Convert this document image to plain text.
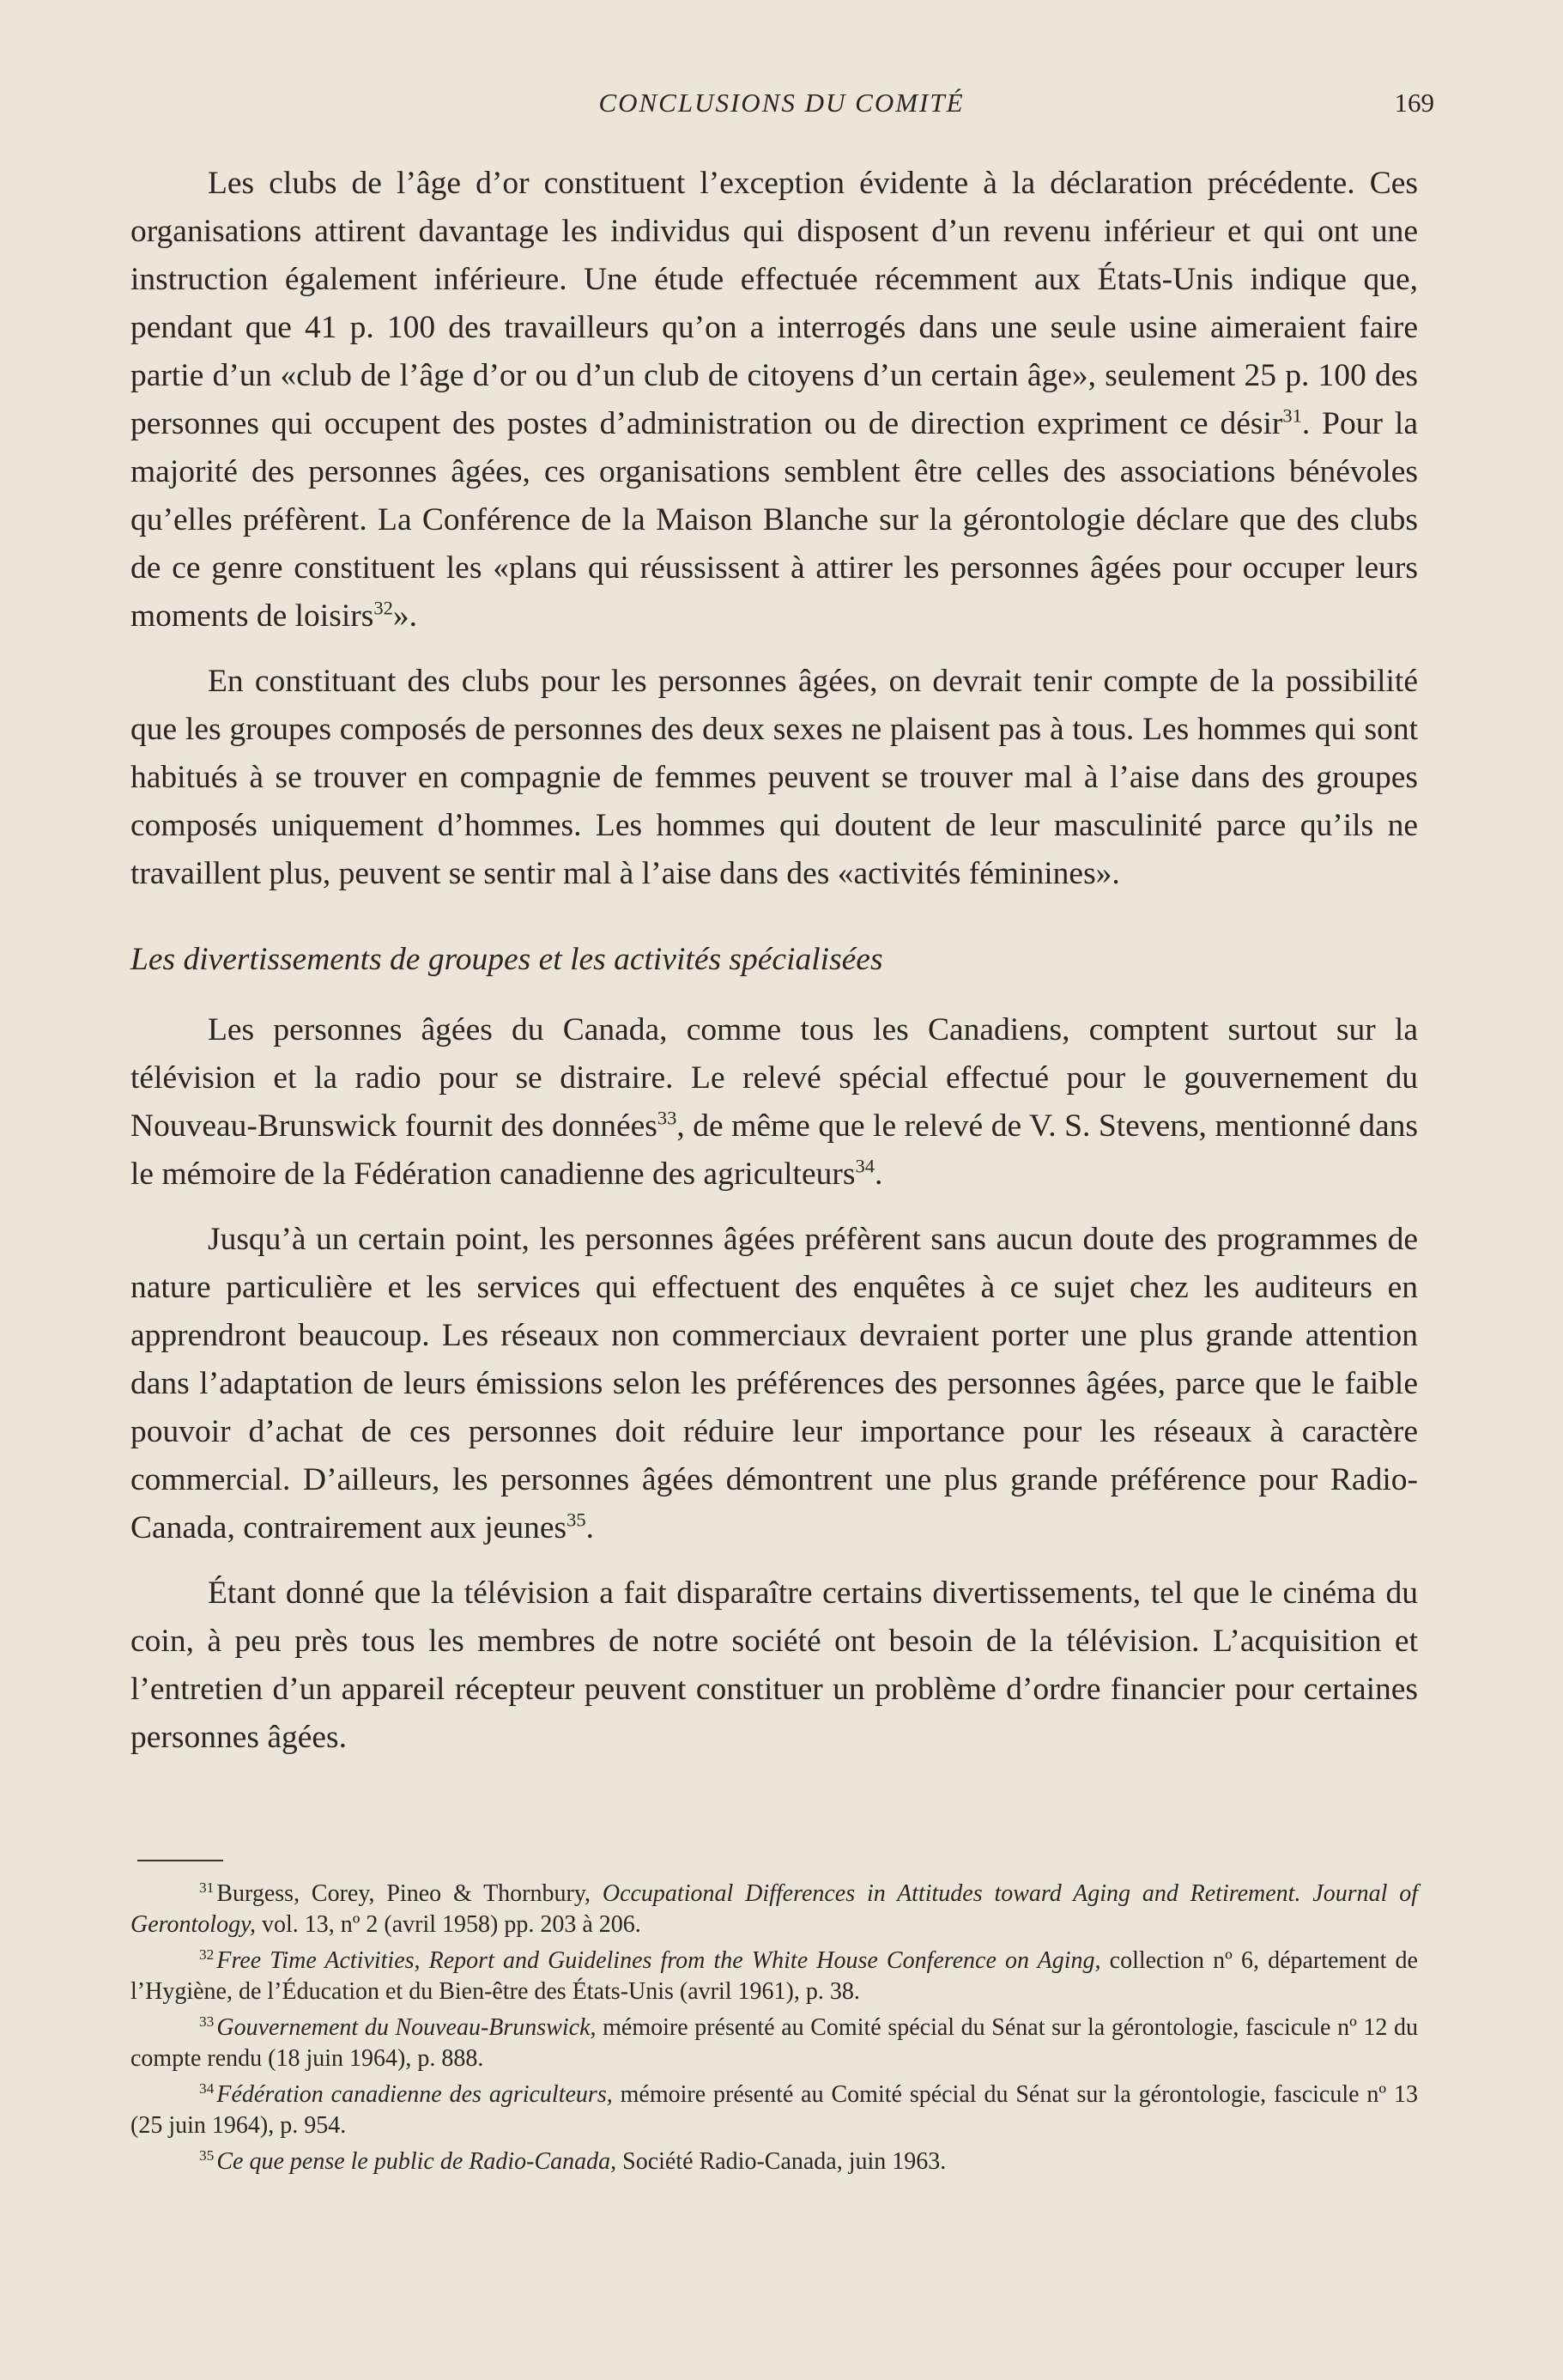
CONCLUSIONS DU COMITÉ	169

Les clubs de l’âge d’or constituent l’exception évidente à la déclaration précédente. Ces organisations attirent davantage les individus qui disposent d’un revenu inférieur et qui ont une instruction également inférieure. Une étude effectuée récemment aux États-Unis indique que, pendant que 41 p. 100 des travailleurs qu’on a interrogés dans une seule usine aimeraient faire partie d’un «club de l’âge d’or ou d’un club de citoyens d’un certain âge», seulement 25 p. 100 des personnes qui occupent des postes d’administration ou de direction expriment ce désir$^{31}$. Pour la majorité des personnes âgées, ces organisations semblent être celles des associations bénévoles qu’elles préfèrent. La Conférence de la Maison Blanche sur la gérontologie déclare que des clubs de ce genre constituent les «plans qui réussissent à attirer les personnes âgées pour occuper leurs moments de loisirs$^{32}$».

En constituant des clubs pour les personnes âgées, on devrait tenir compte de la possibilité que les groupes composés de personnes des deux sexes ne plaisent pas à tous. Les hommes qui sont habitués à se trouver en compagnie de femmes peuvent se trouver mal à l’aise dans des groupes composés uniquement d’hommes. Les hommes qui doutent de leur masculinité parce qu’ils ne travaillent plus, peuvent se sentir mal à l’aise dans des «activités féminines».

Les divertissements de groupes et les activités spécialisées

Les personnes âgées du Canada, comme tous les Canadiens, comptent surtout sur la télévision et la radio pour se distraire. Le relevé spécial effectué pour le gouvernement du Nouveau-Brunswick fournit des données$^{33}$, de même que le relevé de V. S. Stevens, mentionné dans le mémoire de la Fédération canadienne des agriculteurs$^{34}$.

Jusqu’à un certain point, les personnes âgées préfèrent sans aucun doute des programmes de nature particulière et les services qui effectuent des enquêtes à ce sujet chez les auditeurs en apprendront beaucoup. Les réseaux non commerciaux devraient porter une plus grande attention dans l’adaptation de leurs émissions selon les préférences des personnes âgées, parce que le faible pouvoir d’achat de ces personnes doit réduire leur importance pour les réseaux à caractère commercial. D’ailleurs, les personnes âgées démontrent une plus grande préférence pour Radio-Canada, contrairement aux jeunes$^{35}$.

Étant donné que la télévision a fait disparaître certains divertissements, tel que le cinéma du coin, à peu près tous les membres de notre société ont besoin de la télévision. L’acquisition et l’entretien d’un appareil récepteur peuvent constituer un problème d’ordre financier pour certaines personnes âgées.

$^{31}$ Burgess, Corey, Pineo & Thornbury, Occupational Differences in Attitudes toward Aging and Retirement. Journal of Gerontology, vol. 13, nº 2 (avril 1958) pp. 203 à 206.

$^{32}$ Free Time Activities, Report and Guidelines from the White House Conference on Aging, collection nº 6, département de l’Hygiène, de l’Éducation et du Bien-être des États-Unis (avril 1961), p. 38.

$^{33}$ Gouvernement du Nouveau-Brunswick, mémoire présenté au Comité spécial du Sénat sur la gérontologie, fascicule nº 12 du compte rendu (18 juin 1964), p. 888.

$^{34}$ Fédération canadienne des agriculteurs, mémoire présenté au Comité spécial du Sénat sur la gérontologie, fascicule nº 13 (25 juin 1964), p. 954.

$^{35}$ Ce que pense le public de Radio-Canada, Société Radio-Canada, juin 1963.
